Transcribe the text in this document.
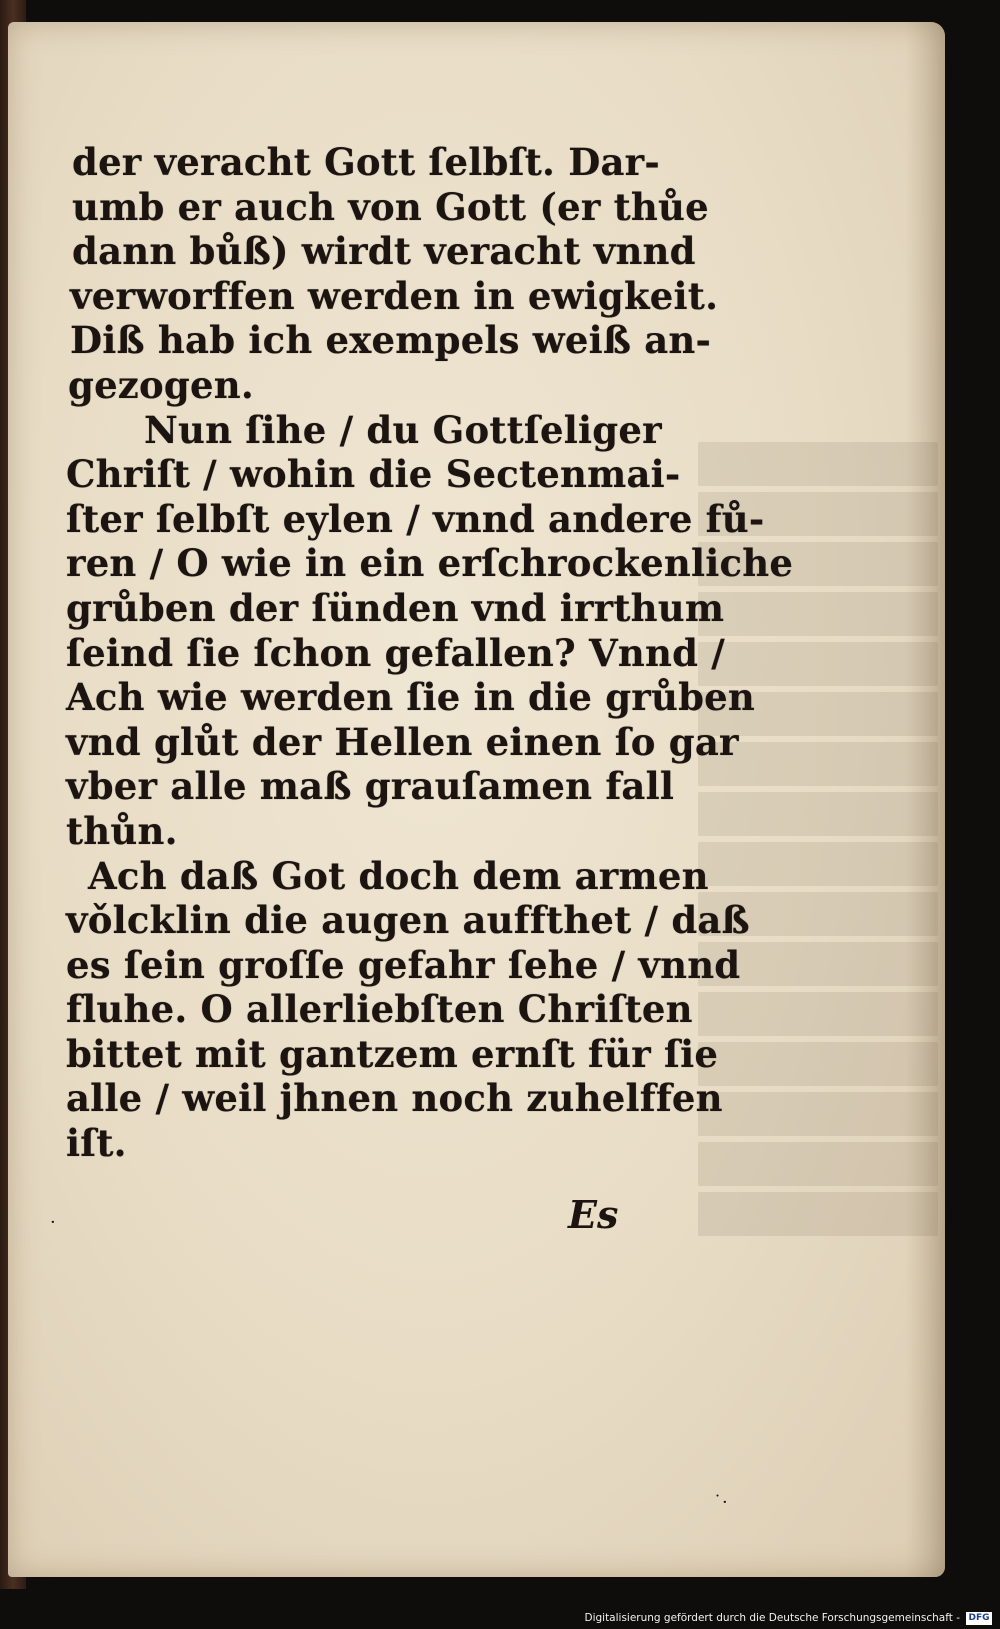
der veracht Gott ſelbſt. Dar-
umb er auch von Gott (er thůe
dann bůß) wirdt veracht vnnd
verworffen werden in ewigkeit.
Diß hab ich exempels weiß an-
gezogen.
Nun ſihe / du Gottſeliger
Chriſt / wohin die Sectenmai-
ſter ſelbſt eylen / vnnd andere fů-
ren / O wie in ein erſchrockenliche
grůben der ſünden vnd irrthum
ſeind ſie ſchon gefallen? Vnnd /
Ach wie werden ſie in die grůben
vnd glůt der Hellen einen ſo gar
vber alle maß grauſamen fall
thůn.
Ach daß Got doch dem armen
vǒlcklin die augen auffthet / daß
es ſein groſſe gefahr ſehe / vnnd
fluhe. O allerliebſten Chriſten
bittet mit gantzem ernſt für ſie
alle / weil jhnen noch zuhelffen
iſt.
Es
˙·
·
Digitalisierung gefördert durch die Deutsche Forschungsgemeinschaft - DFG
